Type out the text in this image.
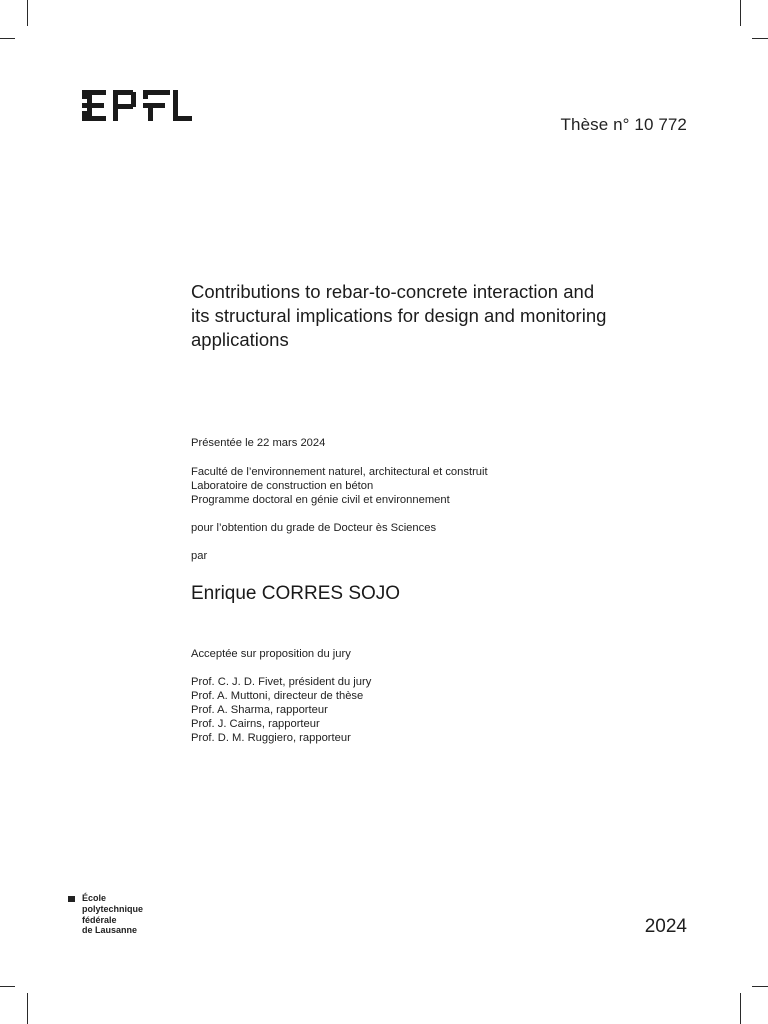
Thèse n° 10 772
Contributions to rebar-to-concrete interaction and
its structural implications for design and monitoring
applications
Présentée le 22 mars 2024
Faculté de l’environnement naturel, architectural et construit
Laboratoire de construction en béton
Programme doctoral en génie civil et environnement
pour l’obtention du grade de Docteur ès Sciences
par
Enrique CORRES SOJO
Acceptée sur proposition du jury
Prof. C. J. D. Fivet, président du jury
Prof. A. Muttoni, directeur de thèse
Prof. A. Sharma, rapporteur
Prof. J. Cairns, rapporteur
Prof. D. M. Ruggiero, rapporteur
École
polytechnique
fédérale
de Lausanne	2024
